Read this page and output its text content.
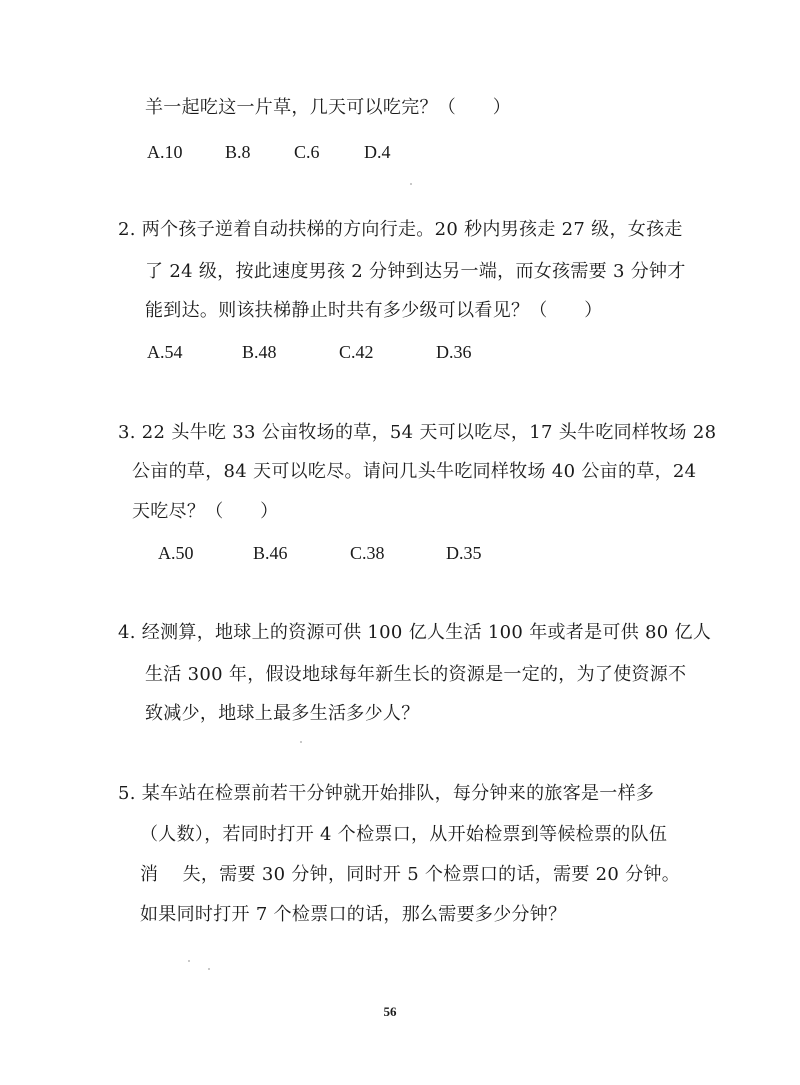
羊一起吃这一片草，几天可以吃完？（　　）
A.10 B.8 C.6 D.4
2. 两个孩子逆着自动扶梯的方向行走。20 秒内男孩走 27 级，女孩走
了 24 级，按此速度男孩 2 分钟到达另一端，而女孩需要 3 分钟才
能到达。则该扶梯静止时共有多少级可以看见？（　　）
A.54	B.48	C.42	D.36
3. 22 头牛吃 33 公亩牧场的草，54 天可以吃尽，17 头牛吃同样牧场 28
公亩的草，84 天可以吃尽。请问几头牛吃同样牧场 40 公亩的草，24
天吃尽？（　　）
A.50	B.46	C.38	D.35
4. 经测算，地球上的资源可供 100 亿人生活 100 年或者是可供 80 亿人
生活 300 年，假设地球每年新生长的资源是一定的，为了使资源不
致减少，地球上最多生活多少人？
5. 某车站在检票前若干分钟就开始排队，每分钟来的旅客是一样多
（人数），若同时打开 4 个检票口，从开始检票到等候检票的队伍
消　 失，需要 30 分钟，同时开 5 个检票口的话，需要 20 分钟。
如果同时打开 7 个检票口的话，那么需要多少分钟？
56
